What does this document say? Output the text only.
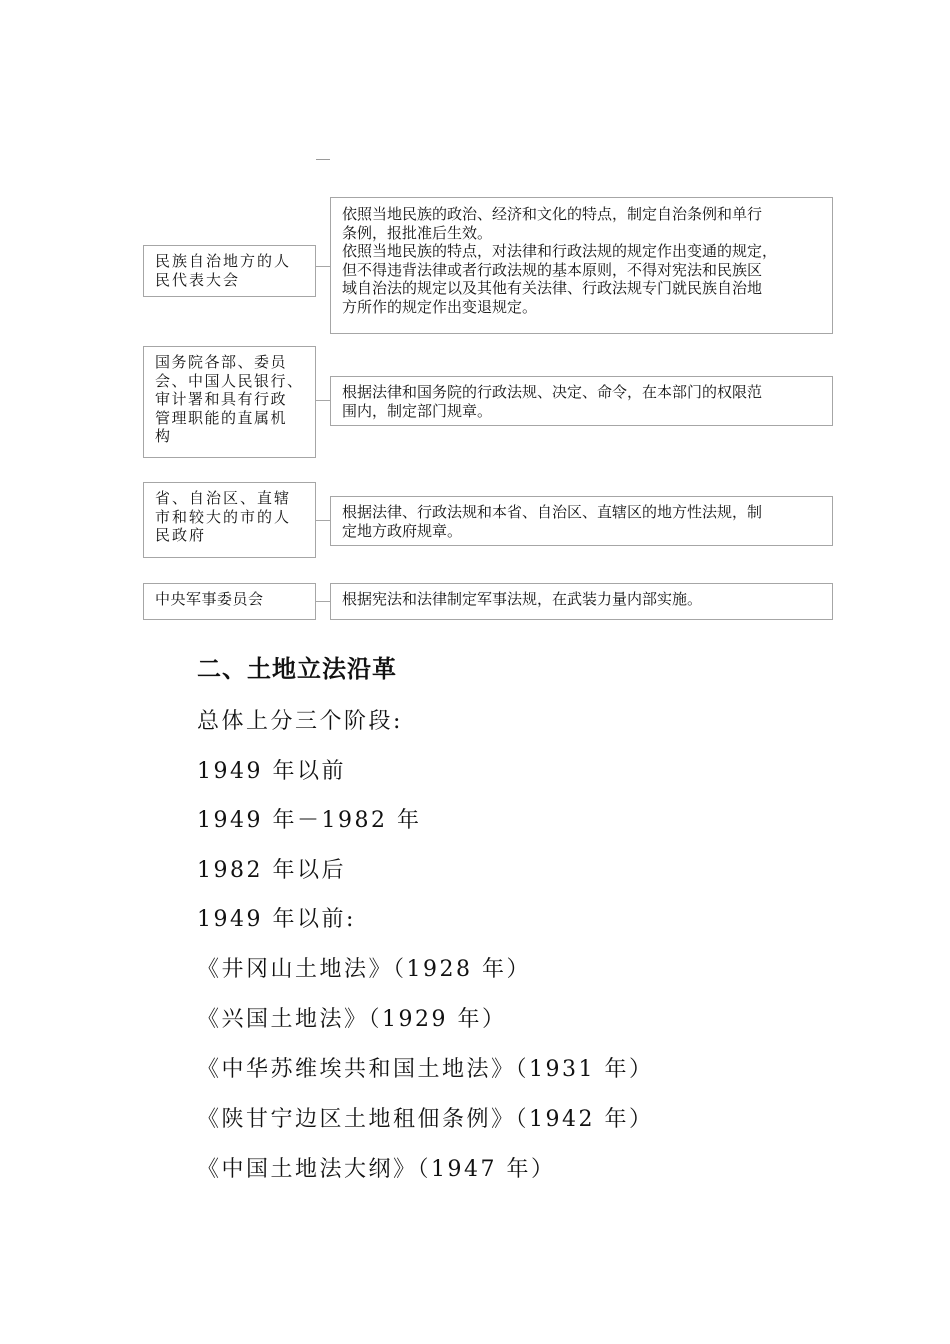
民族自治地方的人
民代表大会
依照当地民族的政治、经济和文化的特点，制定自治条例和单行
条例，报批准后生效。
依照当地民族的特点，对法律和行政法规的规定作出变通的规定，
但不得违背法律或者行政法规的基本原则，不得对宪法和民族区
域自治法的规定以及其他有关法律、行政法规专门就民族自治地
方所作的规定作出变退规定。
国务院各部、委员
会、中国人民银行、
审计署和具有行政
管理职能的直属机
构
根据法律和国务院的行政法规、决定、命令，在本部门的权限范
围内，制定部门规章。
省、自治区、直辖
市和较大的市的人
民政府
根据法律、行政法规和本省、自治区、直辖区的地方性法规，制
定地方政府规章。
中央军事委员会	根据宪法和法律制定军事法规，在武装力量内部实施。
二、土地立法沿革
总体上分三个阶段:
1949 年以前
1949 年－1982 年
1982 年以后
1949 年以前:
《井冈山土地法》（1928 年）
《兴国土地法》（1929 年）
《中华苏维埃共和国土地法》（1931 年）
《陕甘宁边区土地租佃条例》（1942 年）
《中国土地法大纲》（1947 年）
